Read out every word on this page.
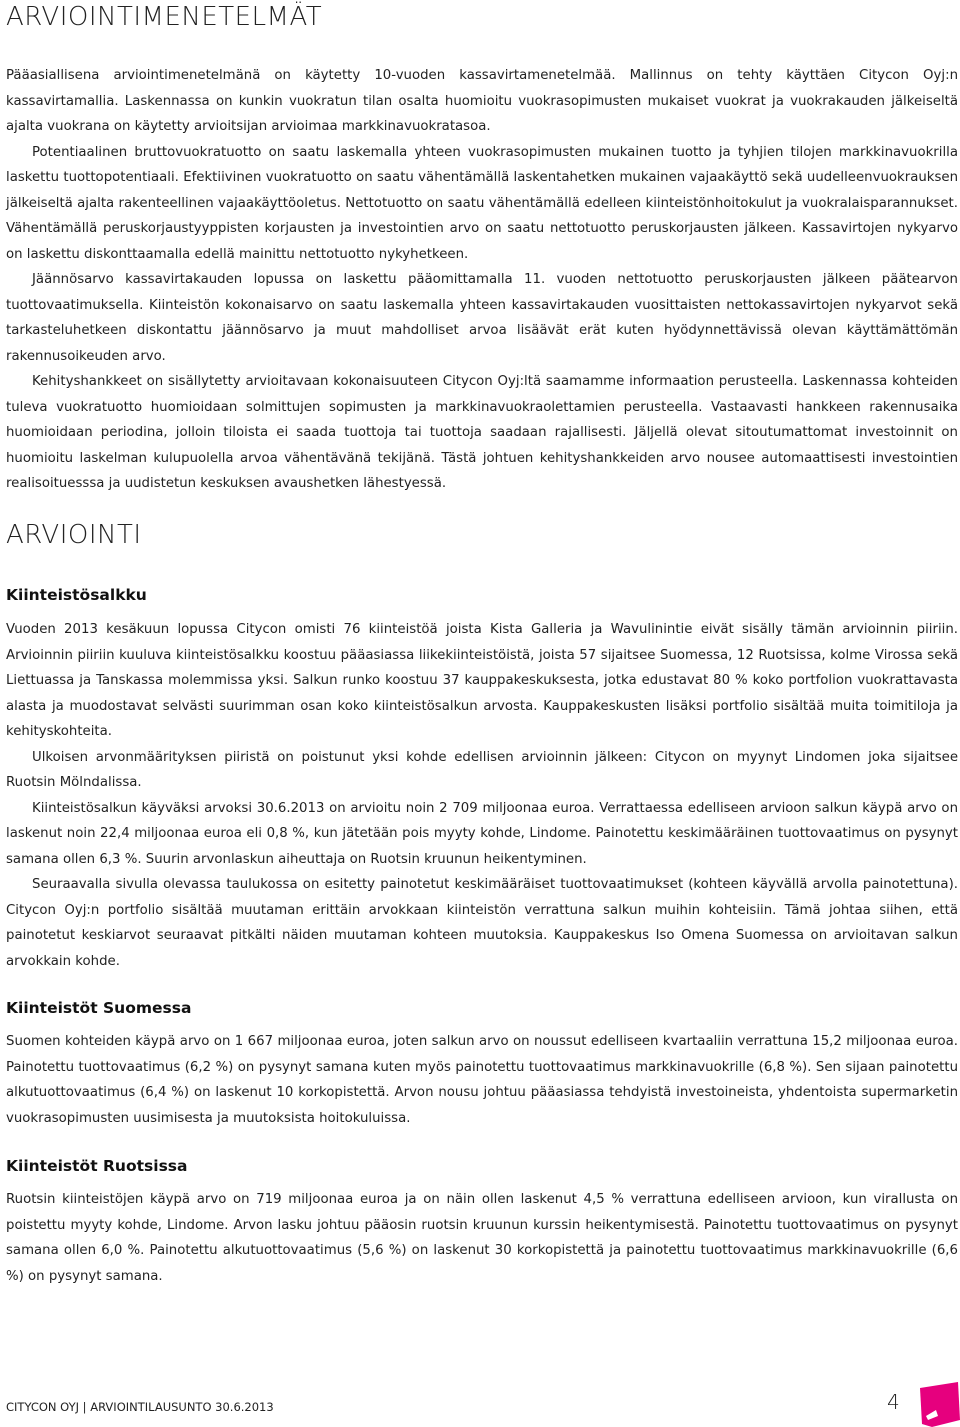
ARVIOINTIMENETELMÄT

Pääasiallisena arviointimenetelmänä on käytetty 10-vuoden kassavirtamenetelmää. Mallinnus on tehty käyttäen Citycon Oyj:n kassavirtamallia. Laskennassa on kunkin vuokratun tilan osalta huomioitu vuokrasopimusten mukaiset vuokrat ja vuokrakauden jälkeiseltä ajalta vuokrana on käytetty arvioitsijan arvioimaa markkinavuokratasoa.

Potentiaalinen bruttovuokratuotto on saatu laskemalla yhteen vuokrasopimusten mukainen tuotto ja tyhjien tilojen markkinavuokrilla laskettu tuottopotentiaali. Efektiivinen vuokratuotto on saatu vähentämällä laskentahetken mukainen vajaakäyttö sekä uudelleenvuokrauksen jälkeiseltä ajalta rakenteellinen vajaakäyttöoletus. Nettotuotto on saatu vähentämällä edelleen kiinteistönhoitokulut ja vuokralaisparannukset. Vähentämällä peruskorjaustyyppisten korjausten ja investointien arvo on saatu nettotuotto peruskorjausten jälkeen. Kassavirtojen nykyarvo on laskettu diskonttaamalla edellä mainittu nettotuotto nykyhetkeen.

Jäännösarvo kassavirtakauden lopussa on laskettu pääomittamalla 11. vuoden nettotuotto peruskorjausten jälkeen päätearvon tuottovaatimuksella. Kiinteistön kokonaisarvo on saatu laskemalla yhteen kassavirtakauden vuosittaisten nettokassavirtojen nykyarvot sekä tarkasteluhetkeen diskontattu jäännösarvo ja muut mahdolliset arvoa lisäävät erät kuten hyödynnettävissä olevan käyttämättömän rakennusoikeuden arvo.

Kehityshankkeet on sisällytetty arvioitavaan kokonaisuuteen Citycon Oyj:ltä saamamme informaation perusteella. Laskennassa kohteiden tuleva vuokratuotto huomioidaan solmittujen sopimusten ja markkinavuokraolettamien perusteella. Vastaavasti hankkeen rakennusaika huomioidaan periodina, jolloin tiloista ei saada tuottoja tai tuottoja saadaan rajallisesti. Jäljellä olevat sitoutumattomat investoinnit on huomioitu laskelman kulupuolella arvoa vähentävänä tekijänä. Tästä johtuen kehityshankkeiden arvo nousee automaattisesti investointien realisoituesssa ja uudistetun keskuksen avaushetken lähestyessä.

ARVIOINTI
Kiinteistösalkku

Vuoden 2013 kesäkuun lopussa Citycon omisti 76 kiinteistöä joista Kista Galleria ja Wavulinintie eivät sisälly tämän arvioinnin piiriin. Arvioinnin piiriin kuuluva kiinteistösalkku koostuu pääasiassa liikekiinteistöistä, joista 57 sijaitsee Suomessa, 12 Ruotsissa, kolme Virossa sekä Liettuassa ja Tanskassa molemmissa yksi. Salkun runko koostuu 37 kauppakeskuksesta, jotka edustavat 80 % koko portfolion vuokrattavasta alasta ja muodostavat selvästi suurimman osan koko kiinteistösalkun arvosta. Kauppakeskusten lisäksi portfolio sisältää muita toimitiloja ja kehityskohteita.

Ulkoisen arvonmäärityksen piiristä on poistunut yksi kohde edellisen arvioinnin jälkeen: Citycon on myynyt Lindomen joka sijaitsee Ruotsin Mölndalissa.

Kiinteistösalkun käyväksi arvoksi 30.6.2013 on arvioitu noin 2 709 miljoonaa euroa. Verrattaessa edelliseen arvioon salkun käypä arvo on laskenut noin 22,4 miljoonaa euroa eli 0,8 %, kun jätetään pois myyty kohde, Lindome. Painotettu keskimääräinen tuottovaatimus on pysynyt samana ollen 6,3 %. Suurin arvonlaskun aiheuttaja on Ruotsin kruunun heikentyminen.

Seuraavalla sivulla olevassa taulukossa on esitetty painotetut keskimääräiset tuottovaatimukset (kohteen käyvällä arvolla painotettuna). Citycon Oyj:n portfolio sisältää muutaman erittäin arvokkaan kiinteistön verrattuna salkun muihin kohteisiin. Tämä johtaa siihen, että painotetut keskiarvot seuraavat pitkälti näiden muutaman kohteen muutoksia. Kauppakeskus Iso Omena Suomessa on arvioitavan salkun arvokkain kohde.

Kiinteistöt Suomessa

Suomen kohteiden käypä arvo on 1 667 miljoonaa euroa, joten salkun arvo on noussut edelliseen kvartaaliin verrattuna 15,2 miljoonaa euroa. Painotettu tuottovaatimus (6,2 %) on pysynyt samana kuten myös painotettu tuottovaatimus markkinavuokrille (6,8 %). Sen sijaan painotettu alkutuottovaatimus (6,4 %) on laskenut 10 korkopistettä. Arvon nousu johtuu pääasiassa tehdyistä investoineista, yhdentoista supermarketin vuokrasopimusten uusimisesta ja muutoksista hoitokuluissa.

Kiinteistöt Ruotsissa

Ruotsin kiinteistöjen käypä arvo on 719 miljoonaa euroa ja on näin ollen laskenut 4,5 % verrattuna edelliseen arvioon, kun virallusta on poistettu myyty kohde, Lindome. Arvon lasku johtuu pääosin ruotsin kruunun kurssin heikentymisestä. Painotettu tuottovaatimus on pysynyt samana ollen 6,0 %. Painotettu alkutuottovaatimus (5,6 %) on laskenut 30 korkopistettä ja painotettu tuottovaatimus markkinavuokrille (6,6 %) on pysynyt samana.

CITYCON OYJ | ARVIOINTILAUSUNTO 30.6.2013	4
